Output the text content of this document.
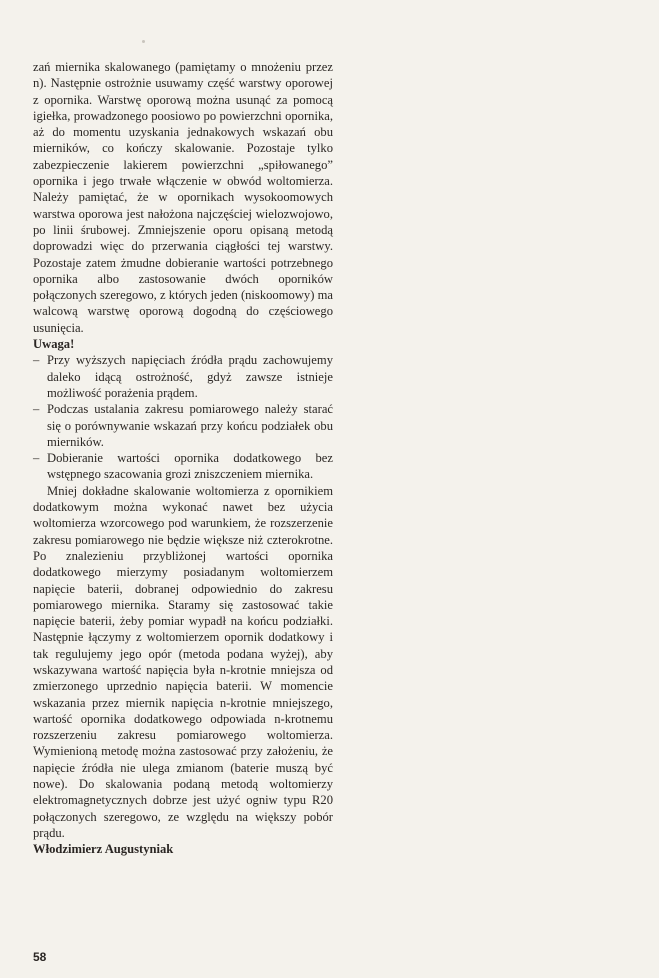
zań miernika skalowanego (pamiętamy o mnożeniu przez n). Następnie ostrożnie usuwamy część warstwy oporowej z opornika. Warstwę oporową można usunąć za pomocą igiełka, prowadzonego poosiowo po powierzchni opornika, aż do momentu uzyskania jednakowych wskazań obu mierników, co kończy skalowanie. Pozostaje tylko zabezpieczenie lakierem powierzchni „spiłowanego” opornika i jego trwałe włączenie w obwód woltomierza. Należy pamiętać, że w opornikach wysokoomowych warstwa oporowa jest nałożona najczęściej wielozwojowo, po linii śrubowej. Zmniejszenie oporu opisaną metodą doprowadzi więc do przerwania ciągłości tej warstwy. Pozostaje zatem żmudne dobieranie wartości potrzebnego opornika albo zastosowanie dwóch oporników połączonych szeregowo, z których jeden (niskoomowy) ma walcową warstwę oporową dogodną do częściowego usunięcia.

Uwaga!

– Przy wyższych napięciach źródła prądu zachowujemy daleko idącą ostrożność, gdyż zawsze istnieje możliwość porażenia prądem.

– Podczas ustalania zakresu pomiarowego należy starać się o porównywanie wskazań przy końcu podziałek obu mierników.

– Dobieranie wartości opornika dodatkowego bez wstępnego szacowania grozi zniszczeniem miernika.

Mniej dokładne skalowanie woltomierza z opornikiem dodatkowym można wykonać nawet bez użycia woltomierza wzorcowego pod warunkiem, że rozszerzenie zakresu pomiarowego nie będzie większe niż czterokrotne. Po znalezieniu przybliżonej wartości opornika dodatkowego mierzymy posiadanym woltomierzem napięcie baterii, dobranej odpowiednio do zakresu pomiarowego miernika. Staramy się zastosować takie napięcie baterii, żeby pomiar wypadł na końcu podziałki. Następnie łączymy z woltomierzem opornik dodatkowy i tak regulujemy jego opór (metoda podana wyżej), aby wskazywana wartość napięcia była n-krotnie mniejsza od zmierzonego uprzednio napięcia baterii. W momencie wskazania przez miernik napięcia n-krotnie mniejszego, wartość opornika dodatkowego odpowiada n-krotnemu rozszerzeniu zakresu pomiarowego woltomierza. Wymienioną metodę można zastosować przy założeniu, że napięcie źródła nie ulega zmianom (baterie muszą być nowe). Do skalowania podaną metodą woltomierzy elektromagnetycznych dobrze jest użyć ogniw typu R20 połączonych szeregowo, ze względu na większy pobór prądu.

Włodzimierz Augustyniak

58
